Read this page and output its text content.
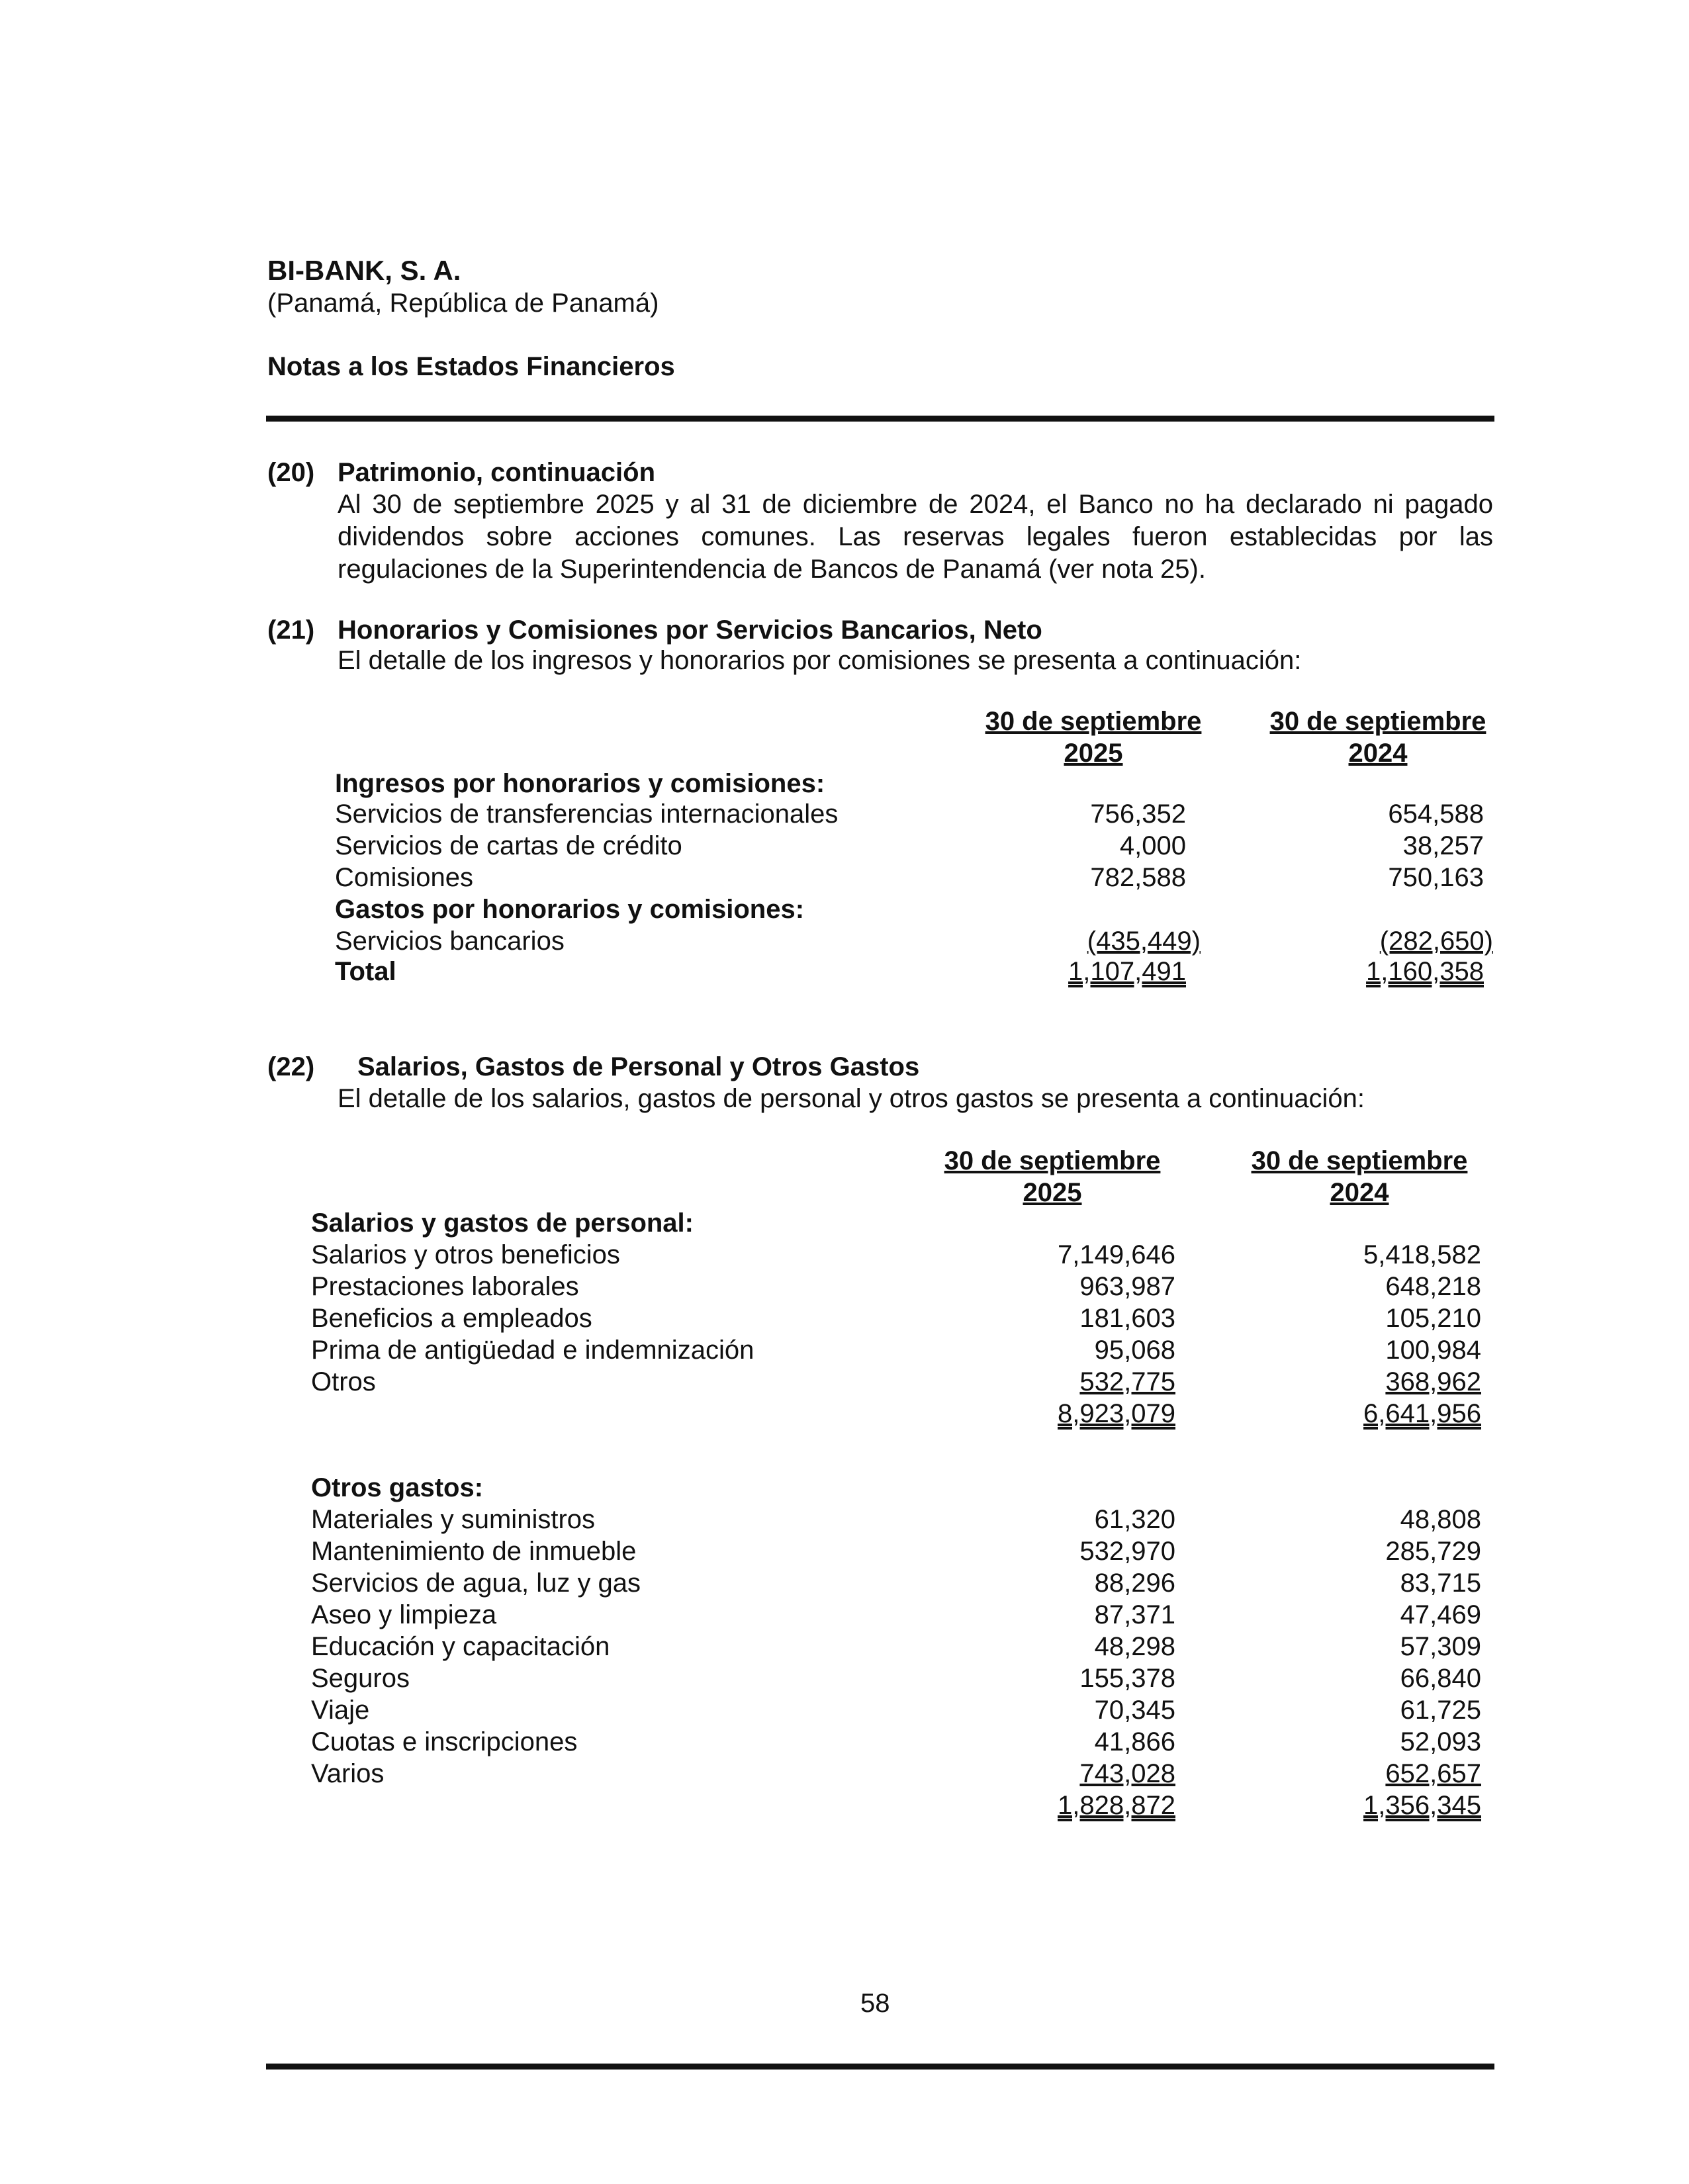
BI-BANK, S. A.
(Panamá, República de Panamá)
Notas a los Estados Financieros
(20) Patrimonio, continuación
Al 30 de septiembre 2025 y al 31 de diciembre de 2024, el Banco no ha declarado ni pagado
dividendos sobre acciones comunes. Las reservas legales fueron establecidas por las
regulaciones de la Superintendencia de Bancos de Panamá (ver nota 25).
(21) Honorarios y Comisiones por Servicios Bancarios, Neto
El detalle de los ingresos y honorarios por comisiones se presenta a continuación:
30 de septiembre
2025
30 de septiembre
2024
Ingresos por honorarios y comisiones:
Servicios de transferencias internacionales	756,352	654,588
Servicios de cartas de crédito	4,000	38,257
Comisiones	782,588	750,163
Gastos por honorarios y comisiones:
Servicios bancarios	(435,449)	(282,650)
Total	1,107,491	1,160,358
(22) Salarios, Gastos de Personal y Otros Gastos
El detalle de los salarios, gastos de personal y otros gastos se presenta a continuación:
30 de septiembre
2025
30 de septiembre
2024
Salarios y gastos de personal:
Salarios y otros beneficios	7,149,646	5,418,582
Prestaciones laborales	963,987	648,218
Beneficios a empleados	181,603	105,210
Prima de antigüedad e indemnización	95,068	100,984
Otros	532,775	368,962
8,923,079	6,641,956
Otros gastos:
Materiales y suministros	61,320	48,808
Mantenimiento de inmueble	532,970	285,729
Servicios de agua, luz y gas	88,296	83,715
Aseo y limpieza	87,371	47,469
Educación y capacitación	48,298	57,309
Seguros	155,378	66,840
Viaje	70,345	61,725
Cuotas e inscripciones	41,866	52,093
Varios	743,028	652,657
1,828,872	1,356,345
58
